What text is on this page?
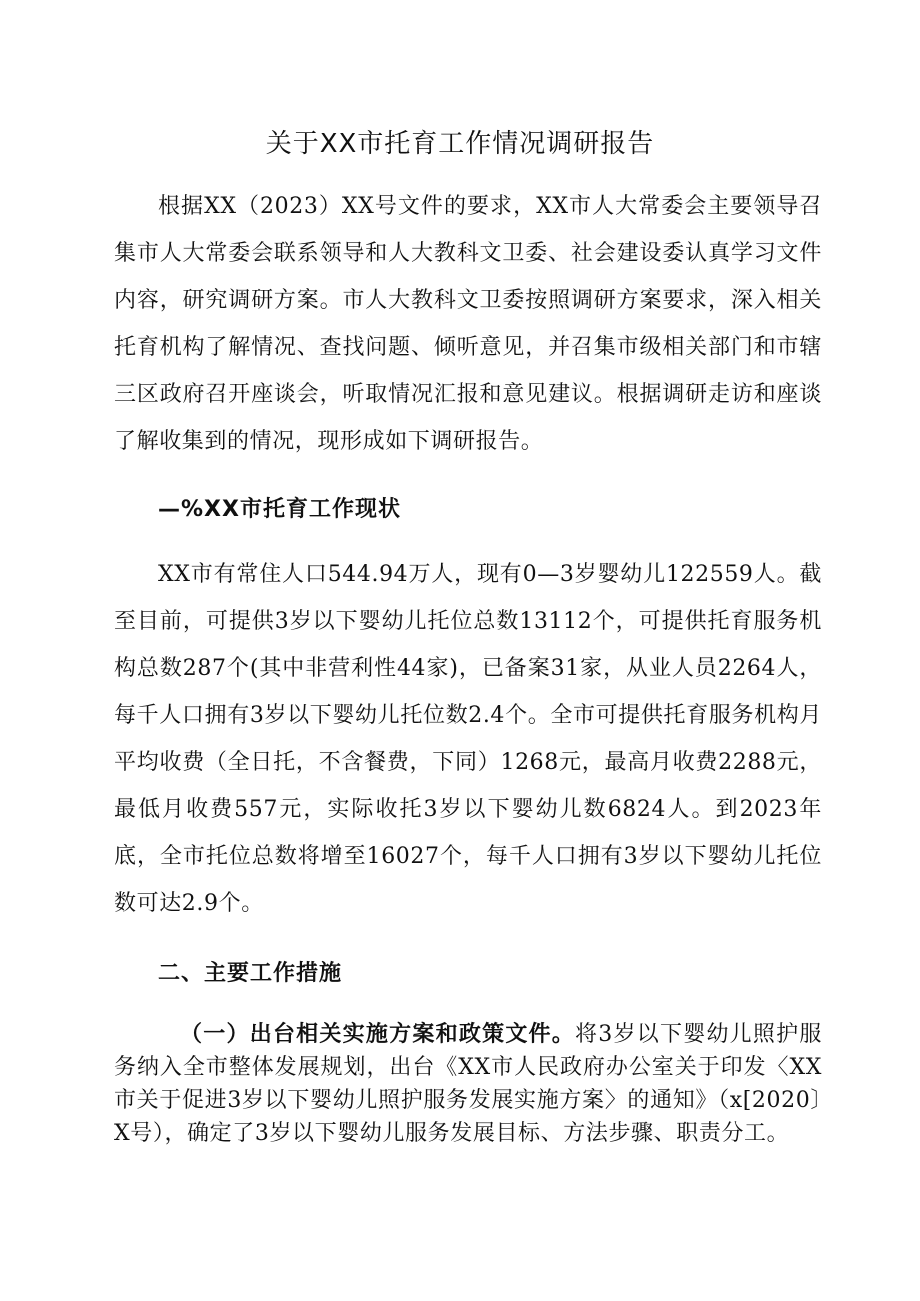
关于XX市托育工作情况调研报告

根据XX（2023）XX号文件的要求，XX市人大常委会主要领导召集市人大常委会联系领导和人大教科文卫委、社会建设委认真学习文件内容，研究调研方案。市人大教科文卫委按照调研方案要求，深入相关托育机构了解情况、查找问题、倾听意见，并召集市级相关部门和市辖三区政府召开座谈会，听取情况汇报和意见建议。根据调研走访和座谈了解收集到的情况，现形成如下调研报告。

—%XX市托育工作现状

XX市有常住人口544.94万人，现有0—3岁婴幼儿122559人。截至目前，可提供3岁以下婴幼儿托位总数13112个，可提供托育服务机构总数287个(其中非营利性44家)，已备案31家，从业人员2264人，每千人口拥有3岁以下婴幼儿托位数2.4个。全市可提供托育服务机构月平均收费（全日托，不含餐费，下同）1268元，最高月收费2288元，最低月收费557元，实际收托3岁以下婴幼儿数6824人。到2023年底，全市托位总数将增至16027个，每千人口拥有3岁以下婴幼儿托位数可达2.9个。

二、主要工作措施

（一）出台相关实施方案和政策文件。将3岁以下婴幼儿照护服务纳入全市整体发展规划，出台《XX市人民政府办公室关于印发〈XX市关于促进3岁以下婴幼儿照护服务发展实施方案〉的通知》（x[2020〕X号），确定了3岁以下婴幼儿服务发展目标、方法步骤、职责分工。
